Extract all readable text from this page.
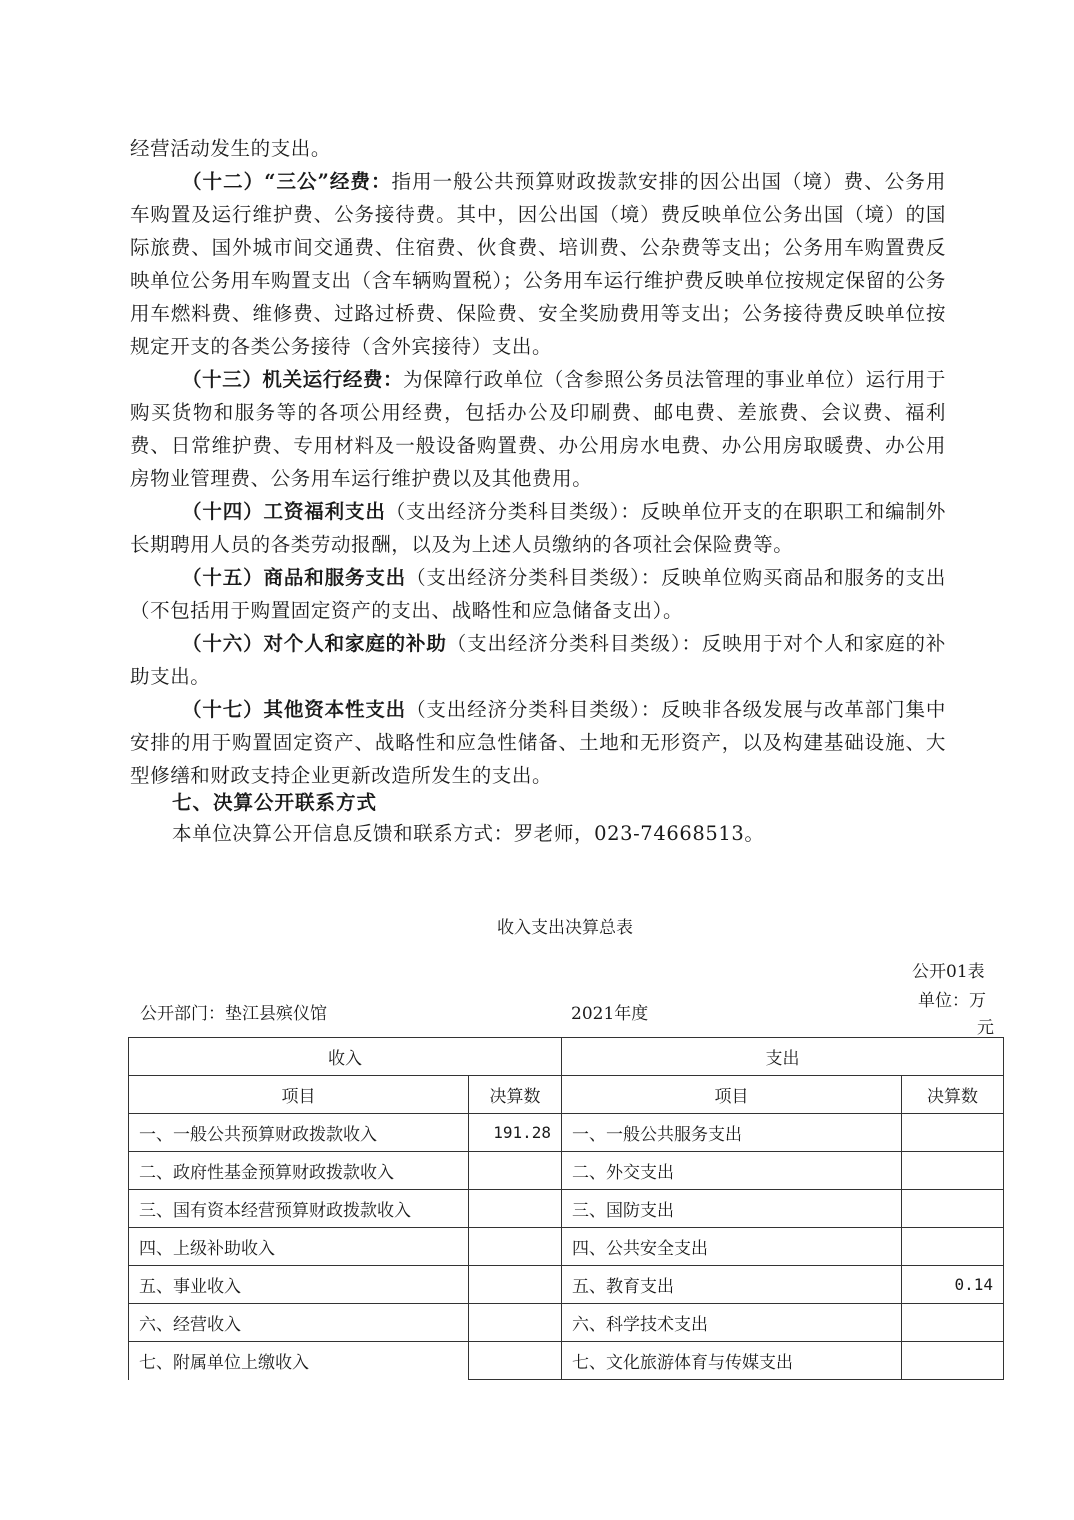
经营活动发生的支出。
（十二）“三公”经费：指用一般公共预算财政拨款安排的因公出国（境）费、公务用车购置及运行维护费、公务接待费。其中，因公出国（境）费反映单位公务出国（境）的国际旅费、国外城市间交通费、住宿费、伙食费、培训费、公杂费等支出；公务用车购置费反映单位公务用车购置支出（含车辆购置税）；公务用车运行维护费反映单位按规定保留的公务用车燃料费、维修费、过路过桥费、保险费、安全奖励费用等支出；公务接待费反映单位按规定开支的各类公务接待（含外宾接待）支出。
（十三）机关运行经费：为保障行政单位（含参照公务员法管理的事业单位）运行用于购买货物和服务等的各项公用经费，包括办公及印刷费、邮电费、差旅费、会议费、福利费、日常维护费、专用材料及一般设备购置费、办公用房水电费、办公用房取暖费、办公用房物业管理费、公务用车运行维护费以及其他费用。
（十四）工资福利支出（支出经济分类科目类级）：反映单位开支的在职职工和编制外长期聘用人员的各类劳动报酬，以及为上述人员缴纳的各项社会保险费等。
（十五）商品和服务支出（支出经济分类科目类级）：反映单位购买商品和服务的支出（不包括用于购置固定资产的支出、战略性和应急储备支出）。
（十六）对个人和家庭的补助（支出经济分类科目类级）：反映用于对个人和家庭的补助支出。
（十七）其他资本性支出（支出经济分类科目类级）：反映非各级发展与改革部门集中安排的用于购置固定资产、战略性和应急性储备、土地和无形资产，以及构建基础设施、大型修缮和财政支持企业更新改造所发生的支出。
七、决算公开联系方式
本单位决算公开信息反馈和联系方式：罗老师，023-74668513。
收入支出决算总表
公开01表
公开部门：垫江县殡仪馆	2021年度
单位：万
元
收入		支出	
项目	决算数	项目	决算数
一、一般公共预算财政拨款收入	191.28	一、一般公共服务支出	
二、政府性基金预算财政拨款收入		二、外交支出	
三、国有资本经营预算财政拨款收入		三、国防支出	
四、上级补助收入		四、公共安全支出	
五、事业收入		五、教育支出	0.14
六、经营收入		六、科学技术支出	
七、附属单位上缴收入		七、文化旅游体育与传媒支出	
